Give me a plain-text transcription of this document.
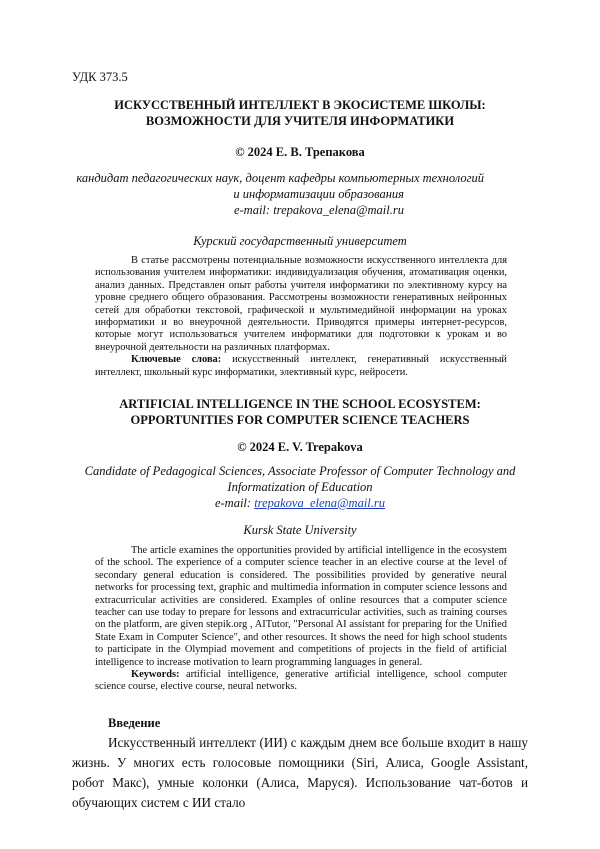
УДК 373.5
ИСКУССТВЕННЫЙ ИНТЕЛЛЕКТ В ЭКОСИСТЕМЕ ШКОЛЫ:
ВОЗМОЖНОСТИ ДЛЯ УЧИТЕЛЯ ИНФОРМАТИКИ
© 2024 Е. В. Трепакова
кандидат педагогических наук, доцент кафедры компьютерных технологий
и информатизации образования
e-mail: trepakova_elena@mail.ru
Курский государственный университет

В статье рассмотрены потенциальные возможности искусственного интеллекта для использования учителем информатики: индивидуализация обучения, атомативация оценки, анализ данных. Представлен опыт работы учителя информатики по элективному курсу на уровне среднего общего образования. Рассмотрены возможности генеративных нейронных сетей для обработки текстовой, графической и мультимедийной информации на уроках информатики и во внеурочной деятельности. Приводятся примеры интернет-ресурсов, которые могут использоваться учителем информатики для подготовки к урокам и во внеурочной деятельности на различных платформах.

Ключевые слова: искусственный интеллект, генеративный искусственный интеллект, школьный курс информатики, элективный курс, нейросети.

ARTIFICIAL INTELLIGENCE IN THE SCHOOL ECOSYSTEM:
OPPORTUNITIES FOR COMPUTER SCIENCE TEACHERS
© 2024 E. V. Trepakova
Candidate of Pedagogical Sciences, Associate Professor of Computer Technology and
Informatization of Education
e-mail: trepakova_elena@mail.ru
Kursk State University

The article examines the opportunities provided by artificial intelligence in the ecosystem of the school. The experience of a computer science teacher in an elective course at the level of secondary general education is considered. The possibilities provided by generative neural networks for processing text, graphic and multimedia information in computer science lessons and extracurricular activities are considered. Examples of online resources that a computer science teacher can use today to prepare for lessons and extracurricular activities, such as training courses on the platform, are given stepik.org , AITutor, "Personal AI assistant for preparing for the Unified State Exam in Computer Science", and other resources. It shows the need for high school students to participate in the Olympiad movement and competitions of projects in the field of artificial intelligence to increase motivation to learn programming languages in general.

Keywords: artificial intelligence, generative artificial intelligence, school computer science course, elective course, neural networks.

Введение

Искусственный интеллект (ИИ) с каждым днем все больше входит в нашу жизнь. У многих есть голосовые помощники (Siri, Алиса, Google Assistant, робот Макс), умные колонки (Алиса, Маруся). Использование чат-ботов и обучающих систем с ИИ стало
